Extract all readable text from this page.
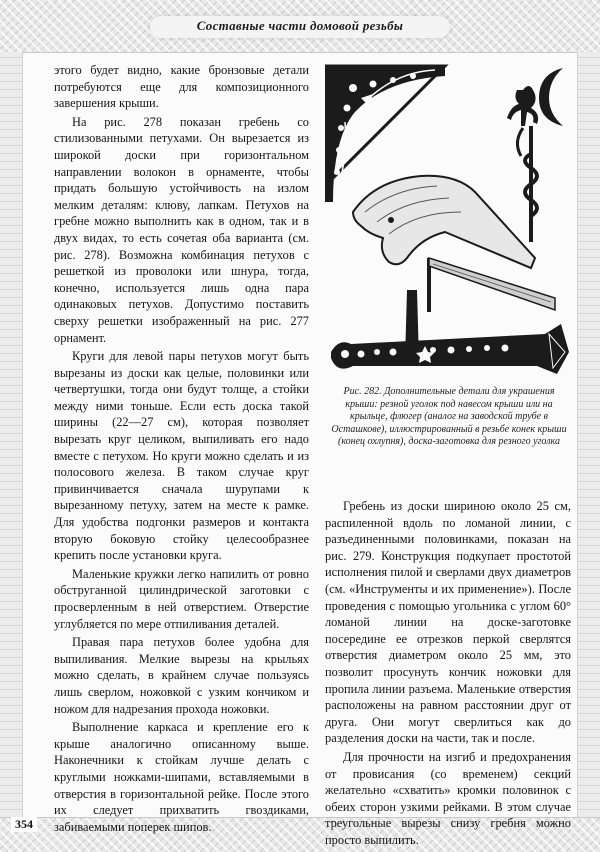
Составные части домовой резьбы

этого будет видно, какие бронзовые детали потребуются еще для композиционного завершения крыши.

На рис. 278 показан гребень со стилизованными петухами. Он вырезается из широкой доски при горизонтальном направлении волокон в орнаменте, чтобы придать большую устойчивость на излом мелким деталям: клюву, лапкам. Петухов на гребне можно выполнить как в одном, так и в двух видах, то есть сочетая оба варианта (см. рис. 278). Возможна комбинация петухов с решеткой из проволоки или шнура, тогда, конечно, используется лишь одна пара одинаковых петухов. Допустимо поставить сверху решетки изображенный на рис. 277 орнамент.

Круги для левой пары петухов могут быть вырезаны из доски как целые, половинки или четвертушки, тогда они будут толще, а стойки между ними тоньше. Если есть доска такой ширины (22—27 см), которая позволяет вырезать круг целиком, выпиливать его надо вместе с петухом. Но круги можно сделать и из полосового железа. В таком случае круг привинчивается сначала шурупами к вырезанному петуху, затем на месте к рамке. Для удобства подгонки размеров и контакта вторую боковую стойку целесообразнее крепить после установки круга.

Маленькие кружки легко напилить от ровно обструганной цилиндрической заготовки с просверленным в ней отверстием. Отверстие углубляется по мере отпиливания деталей.

Правая пара петухов более удобна для выпиливания. Мелкие вырезы на крыльях можно сделать, в крайнем случае пользуясь лишь сверлом, ножовкой с узким кончиком и ножом для надрезания прохода ножовки.

Выполнение каркаса и крепление его к крыше аналогично описанному выше. Наконечники к стойкам лучше делать с круглыми ножками-шипами, вставляемыми в отверстия в горизонтальной рейке. После этого их следует прихватить гвоздиками, забиваемыми поперек шипов.

Рис. 282. Дополнительные детали для украшения крыши: резной уголок под навесом крыши или на крыльце, флюгер (аналог на заводской трубе в Осташкове), иллюстрированный в резьбе конек крыши (конец охлупня), доска-заготовка для резного уголка

Гребень из доски шириною около 25 см, распиленной вдоль по ломаной линии, с разъединенными половинками, показан на рис. 279. Конструкция подкупает простотой исполнения пилой и сверлами двух диаметров (см. «Инструменты и их применение»). После проведения с помощью угольника с углом 60° ломаной линии на доске-заготовке посередине ее отрезков перкой сверлятся отверстия диаметром около 25 мм, это позволит просунуть кончик ножовки для пропила линии разъема. Маленькие отверстия расположены на равном расстоянии друг от друга. Они могут сверлиться как до разделения доски на части, так и после.

Для прочности на изгиб и предохранения от провисания (со временем) секций желательно «схватить» кромки половинок с обеих сторон узкими рейками. В этом случае треугольные вырезы снизу гребня можно просто выпилить.

354
